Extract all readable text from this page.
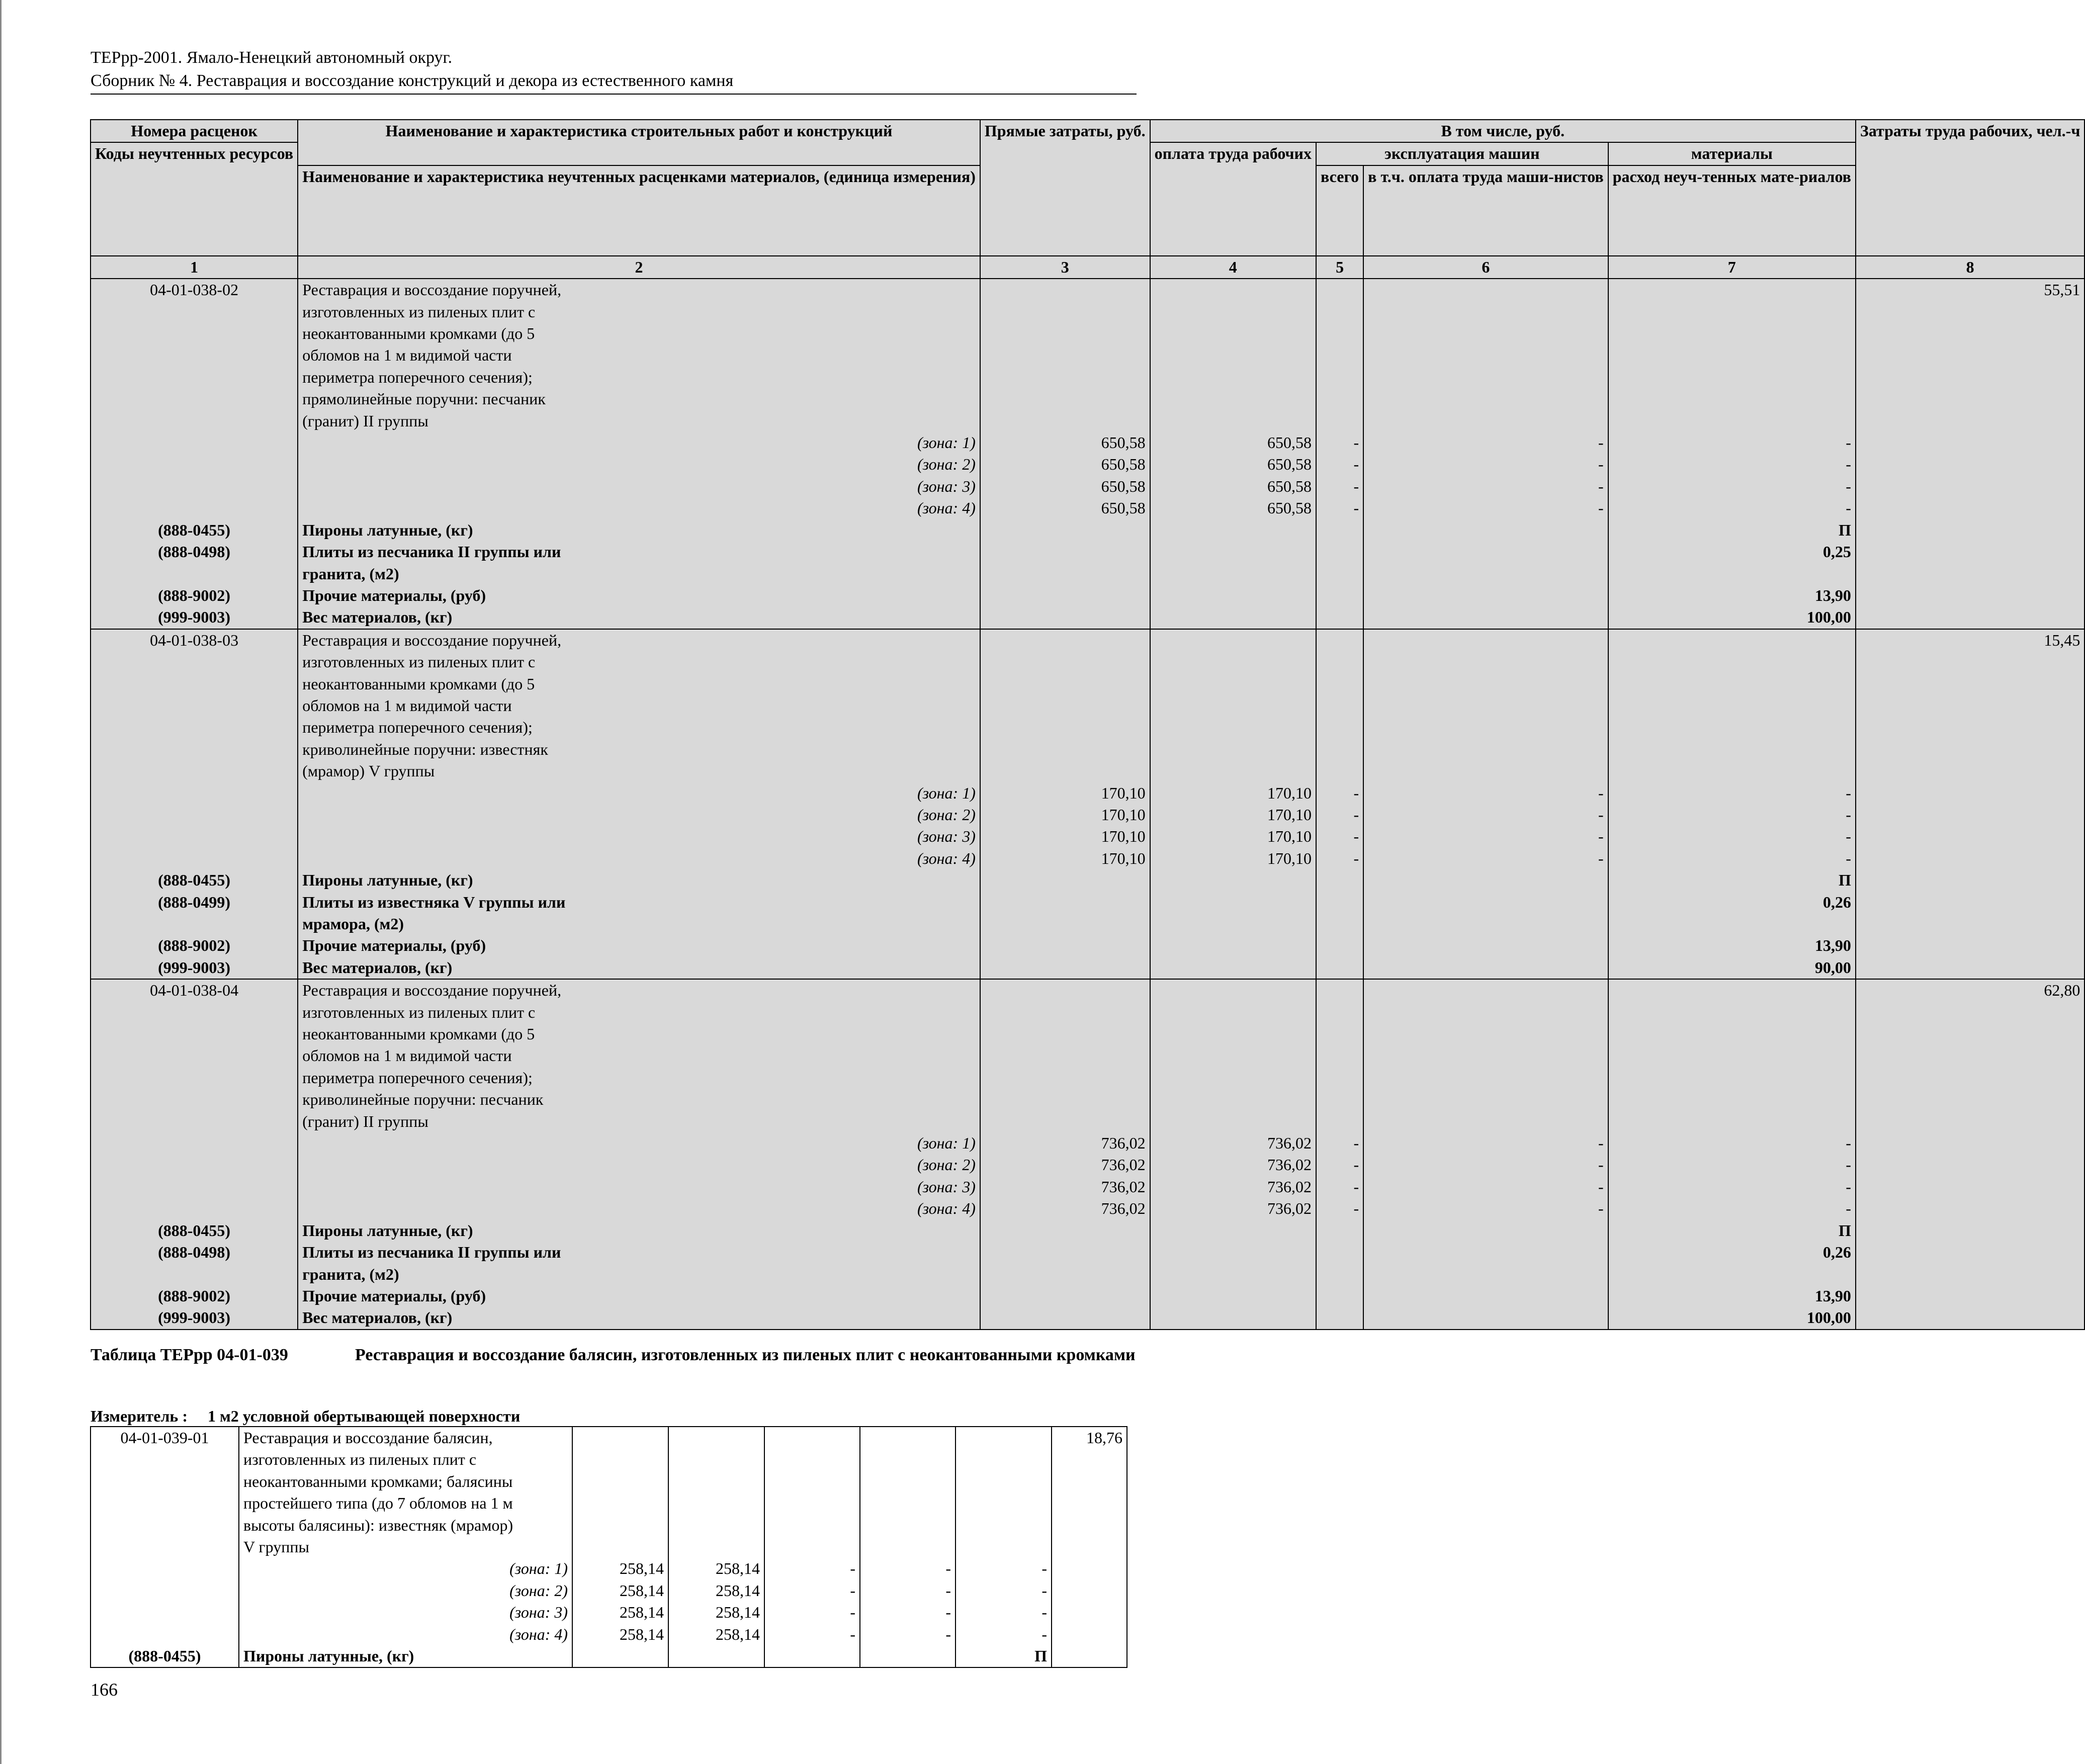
ТЕРрр-2001. Ямало-Ненецкий автономный округ.
Сборник № 4. Реставрация и воссоздание конструкций и декора из естественного камня
Номера расценок	Наименование и характеристика строительных работ и конструкций	Прямые затраты, руб.	В том числе, руб.				Затраты труда рабочих, чел.-ч
Коды неучтенных ресурсов			оплата труда рабочих	эксплуатация машин		материалы	
	Наименование и характеристика неучтенных расценками материалов, (единица измерения)			всего	в т.ч. оплата труда маши-нистов	расход неуч-тенных мате-риалов	

1	2	3	4	5	6	7	8
04-01-038-02	Реставрация и воссоздание поручней,						55,51
	изготовленных из пиленых плит с						
	неокантованными кромками (до 5						
	обломов на 1 м видимой части						
	периметра поперечного сечения);						
	прямолинейные поручни: песчаник						
	(гранит) II группы						
	(зона: 1)	650,58	650,58	-	-	-	
	(зона: 2)	650,58	650,58	-	-	-	
	(зона: 3)	650,58	650,58	-	-	-	
	(зона: 4)	650,58	650,58	-	-	-	
(888-0455)	Пироны латунные, (кг)					П	
(888-0498)	Плиты из песчаника II группы или					0,25	
	гранита, (м2)						
(888-9002)	Прочие материалы, (руб)					13,90	
(999-9003)	Вес материалов, (кг)					100,00	
04-01-038-03	Реставрация и воссоздание поручней,						15,45
	изготовленных из пиленых плит с						
	неокантованными кромками (до 5						
	обломов на 1 м видимой части						
	периметра поперечного сечения);						
	криволинейные поручни: известняк						
	(мрамор) V группы						
	(зона: 1)	170,10	170,10	-	-	-	
	(зона: 2)	170,10	170,10	-	-	-	
	(зона: 3)	170,10	170,10	-	-	-	
	(зона: 4)	170,10	170,10	-	-	-	
(888-0455)	Пироны латунные, (кг)					П	
(888-0499)	Плиты из известняка V группы или					0,26	
	мрамора, (м2)						
(888-9002)	Прочие материалы, (руб)					13,90	
(999-9003)	Вес материалов, (кг)					90,00	
04-01-038-04	Реставрация и воссоздание поручней,						62,80
	изготовленных из пиленых плит с						
	неокантованными кромками (до 5						
	обломов на 1 м видимой части						
	периметра поперечного сечения);						
	криволинейные поручни: песчаник						
	(гранит) II группы						
	(зона: 1)	736,02	736,02	-	-	-	
	(зона: 2)	736,02	736,02	-	-	-	
	(зона: 3)	736,02	736,02	-	-	-	
	(зона: 4)	736,02	736,02	-	-	-	
(888-0455)	Пироны латунные, (кг)					П	
(888-0498)	Плиты из песчаника II группы или					0,26	
	гранита, (м2)						
(888-9002)	Прочие материалы, (руб)					13,90	
(999-9003)	Вес материалов, (кг)					100,00	
Таблица ТЕРрр 04-01-039	Реставрация и воссоздание балясин, изготовленных из пиленых плит с неокантованными кромками
Измеритель : 1 м2 условной обертывающей поверхности
04-01-039-01	Реставрация и воссоздание балясин,						18,76
	изготовленных из пиленых плит с						
	неокантованными кромками; балясины						
	простейшего типа (до 7 обломов на 1 м						
	высоты балясины): известняк (мрамор)						
	V группы						
	(зона: 1)	258,14	258,14	-	-	-	
	(зона: 2)	258,14	258,14	-	-	-	
	(зона: 3)	258,14	258,14	-	-	-	
	(зона: 4)	258,14	258,14	-	-	-	
(888-0455)	Пироны латунные, (кг)					П	
166
